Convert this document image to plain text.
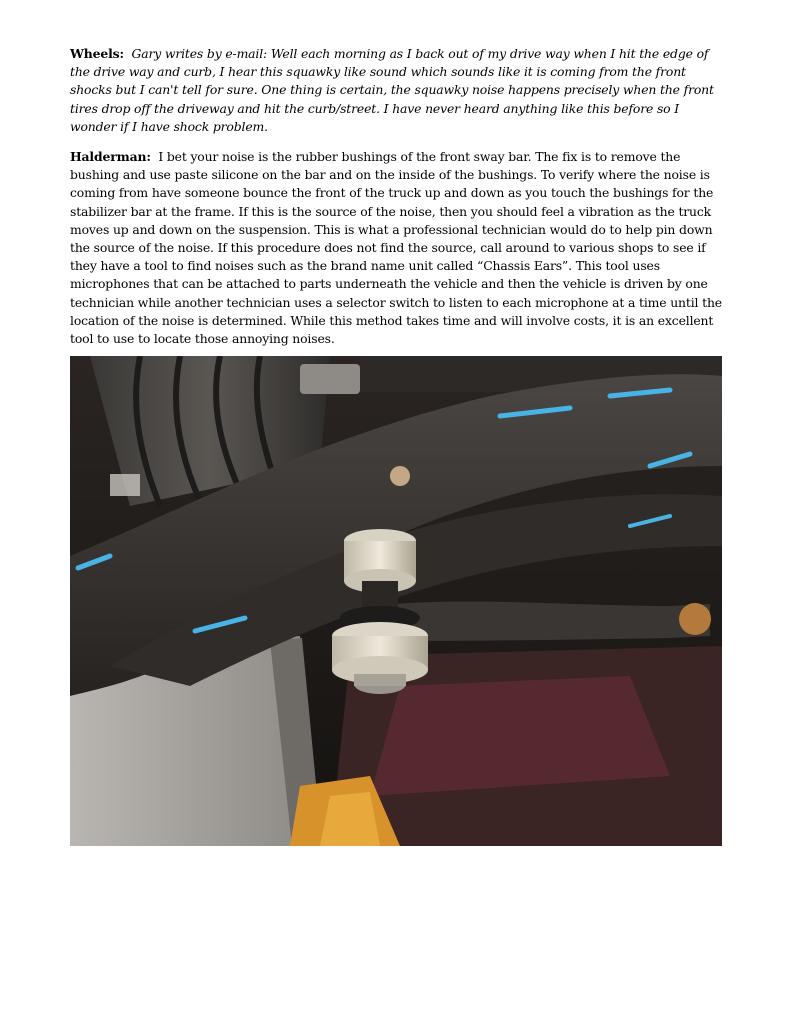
Wheels: Gary writes by e-mail: Well each morning as I back out of my drive way when I hit the edge of the drive way and curb, I hear this squawky like sound which sounds like it is coming from the front shocks but I can't tell for sure. One thing is certain, the squawky noise happens precisely when the front tires drop off the driveway and hit the curb/street. I have never heard anything like this before so I wonder if I have shock problem.

Halderman: I bet your noise is the rubber bushings of the front sway bar. The fix is to remove the bushing and use paste silicone on the bar and on the inside of the bushings. To verify where the noise is coming from have someone bounce the front of the truck up and down as you touch the bushings for the stabilizer bar at the frame. If this is the source of the noise, then you should feel a vibration as the truck moves up and down on the suspension. This is what a professional technician would do to help pin down the source of the noise. If this procedure does not find the source, call around to various shops to see if they have a tool to find noises such as the brand name unit called “Chassis Ears”. This tool uses microphones that can be attached to parts underneath the vehicle and then the vehicle is driven by one technician while another technician uses a selector switch to listen to each microphone at a time until the location of the noise is determined. While this method takes time and will involve costs, it is an excellent tool to use to locate those annoying noises.
